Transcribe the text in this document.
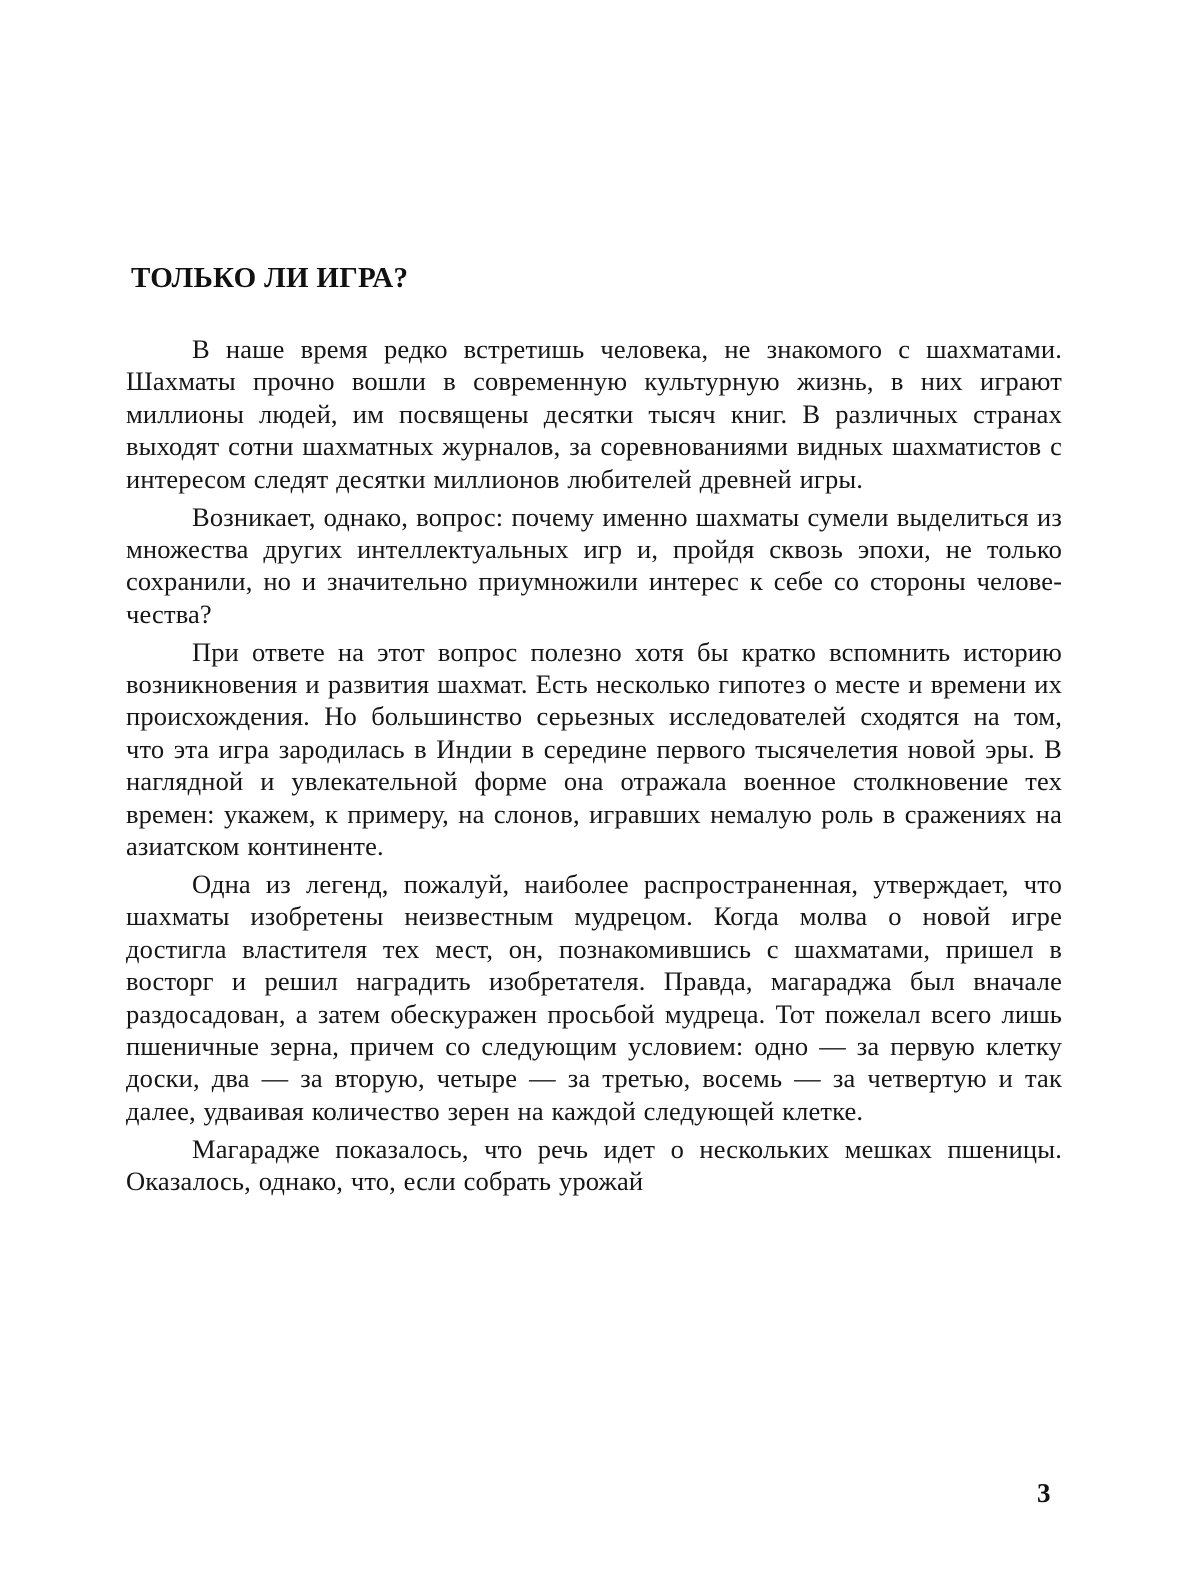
ТОЛЬКО ЛИ ИГРА?

В наше время редко встретишь человека, не знакомого с шахматами. Шахматы прочно вошли в современную культурную жизнь, в них играют миллионы людей, им посвящены десятки тысяч книг. В различных странах выходят сотни шахматных журналов, за соревнованиями видных шахматистов с интересом следят десятки миллионов любителей древней игры.

Возникает, однако, вопрос: почему именно шахматы сумели выделиться из множества других интеллектуальных игр и, пройдя сквозь эпохи, не только сохранили, но и значительно приумножили интерес к себе со стороны человечества?

При ответе на этот вопрос полезно хотя бы кратко вспомнить историю возникновения и развития шахмат. Есть несколько гипотез о месте и времени их происхождения. Но большинство серьезных исследователей сходятся на том, что эта игра зародилась в Индии в середине первого тысячелетия новой эры. В наглядной и увлекательной форме она отражала военное столкновение тех времен: укажем, к примеру, на слонов, игравших немалую роль в сражениях на азиатском континенте.

Одна из легенд, пожалуй, наиболее распространенная, утверждает, что шахматы изобретены неизвестным мудрецом. Когда молва о новой игре достигла властителя тех мест, он, познакомившись с шахматами, пришел в восторг и решил наградить изобретателя. Правда, магараджа был вначале раздосадован, а затем обескуражен просьбой мудреца. Тот пожелал всего лишь пшеничные зерна, причем со следующим условием: одно — за первую клетку доски, два — за вторую, четыре — за третью, восемь — за четвертую и так далее, удваивая количество зерен на каждой следующей клетке.

Магараджe показалось, что речь идет о нескольких мешках пшеницы. Оказалось, однако, что, если собрать урожай

3
